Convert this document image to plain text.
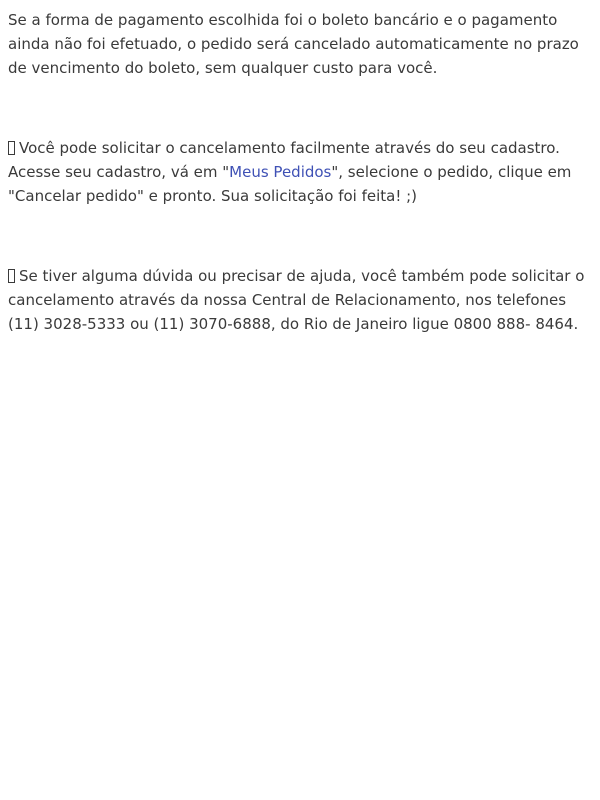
Se a forma de pagamento escolhida foi o boleto bancário e o pagamento ainda não foi efetuado, o pedido será cancelado automaticamente no prazo de vencimento do boleto, sem qualquer custo para você.

Você pode solicitar o cancelamento facilmente através do seu cadastro. Acesse seu cadastro, vá em "Meus Pedidos", selecione o pedido, clique em "Cancelar pedido" e pronto. Sua solicitação foi feita! ;)

Se tiver alguma dúvida ou precisar de ajuda, você também pode solicitar o cancelamento através da nossa Central de Relacionamento, nos telefones (11) 3028-5333 ou (11) 3070-6888, do Rio de Janeiro ligue 0800 888- 8464.
